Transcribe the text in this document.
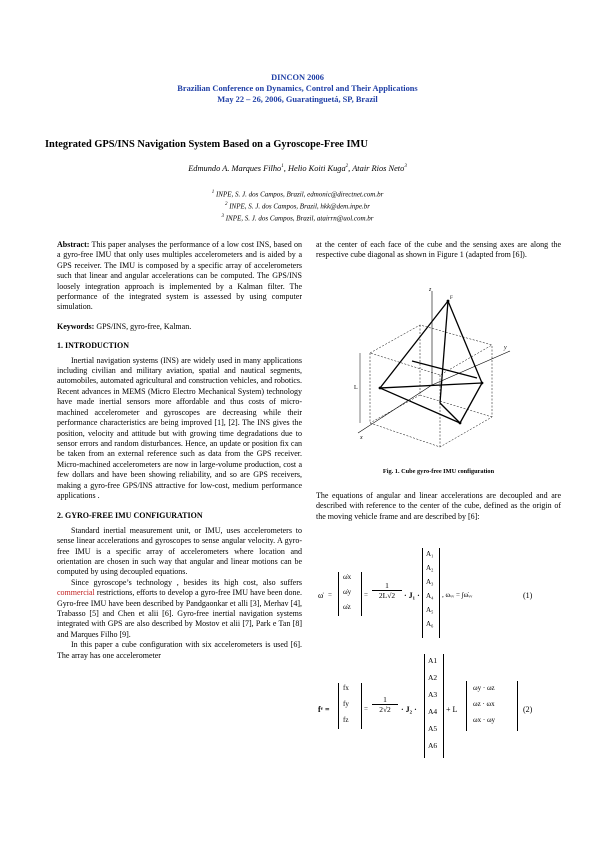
DINCON 2006
Brazilian Conference on Dynamics, Control and Their Applications
May 22 – 26, 2006, Guaratinguetá, SP, Brazil
Integrated GPS/INS Navigation System Based on a Gyroscope-Free IMU
Edmundo A. Marques Filho$^1$, Helio Koiti Kuga$^2$, Atair Rios Neto$^3$
$^1$ INPE, S. J. dos Campos, Brazil, edmonic@directnet.com.br
$^2$ INPE, S. J. dos Campos, Brazil, hkk@dem.inpe.br
$^3$ INPE, S. J. dos Campos, Brazil, atairrn@uol.com.br

Abstract: This paper analyses the performance of a low cost INS, based on a gyro-free IMU that only uses multiples accelerometers and is aided by a GPS receiver. The IMU is composed by a specific array of accelerometers such that linear and angular accelerations can be computed. The GPS/INS loosely integration approach is implemented by a Kalman filter. The performance of the integrated system is assessed by using computer simulation.

Keywords: GPS/INS, gyro-free, Kalman.

1. INTRODUCTION

Inertial navigation systems (INS) are widely used in many applications including civilian and military aviation, spatial and nautical segments, automobiles, automated agricultural and construction vehicles, and robotics. Recent advances in MEMS (Micro Electro Mechanical System) technology have made inertial sensors more affordable and thus costs of micro-machined accelerometer and gyroscopes are decreasing while their performance characteristics are being improved [1], [2]. The INS gives the position, velocity and attitude but with growing time degradations due to sensor errors and random disturbances. Hence, an update or position fix can be taken from an external reference such as data from the GPS receiver. Micro-machined accelerometers are now in large-volume production, cost a few dollars and have been showing reliability, and so are GPS receivers, making a gyro-free GPS/INS attractive for low-cost, medium performance applications .

2. GYRO-FREE IMU CONFIGURATION

Standard inertial measurement unit, or IMU, uses accelerometers to sense linear accelerations and gyroscopes to sense angular velocity. A gyro-free IMU is a specific array of accelerometers where location and orientation are chosen in such way that angular and linear motions can be computed by using decoupled equations.

Since gyroscope’s technology , besides its high cost, also suffers commercial restrictions, efforts to develop a gyro-free IMU have been done. Gyro-free IMU have been described by Pandgaonkar et alli [3], Merhav [4], Trabasso [5] and Chen et alii [6]. Gyro-free inertial navigation systems integrated with GPS are also described by Mostov et alii [7], Park e Tan [8] and Marques Filho [9].

In this paper a cube configuration with six accelerometers is used [6]. The array has one accelerometer

at the center of each face of the cube and the sensing axes are along the respective cube diagonal as shown in Figure 1 (adapted from [6]).

z
y
x
F
L
Fig. 1. Cube gyro-free IMU configuration

The equations of angular and linear accelerations are decoupled and are described with reference to the center of the cube, defined as the origin of the moving vehicle frame and are described by [6]:

ω̇ =
ω̇x
ω̇y
ω̇z
= $\frac{1}{2L√2} \cdot J_1$ ·
A₁
A₂
A₃
A₄
A₅
A₆
, ωᵥᵥ = ∫ω̇ᵥᵥ	(1)
fᵛ =
fx
fy
fz
= $\frac{1}{2√2} \cdot J_2$ ·
A1
A2
A3
A4
A5
A6
+ L
ωy · ωz
ωz · ωx
ωx · ωy
(2)
